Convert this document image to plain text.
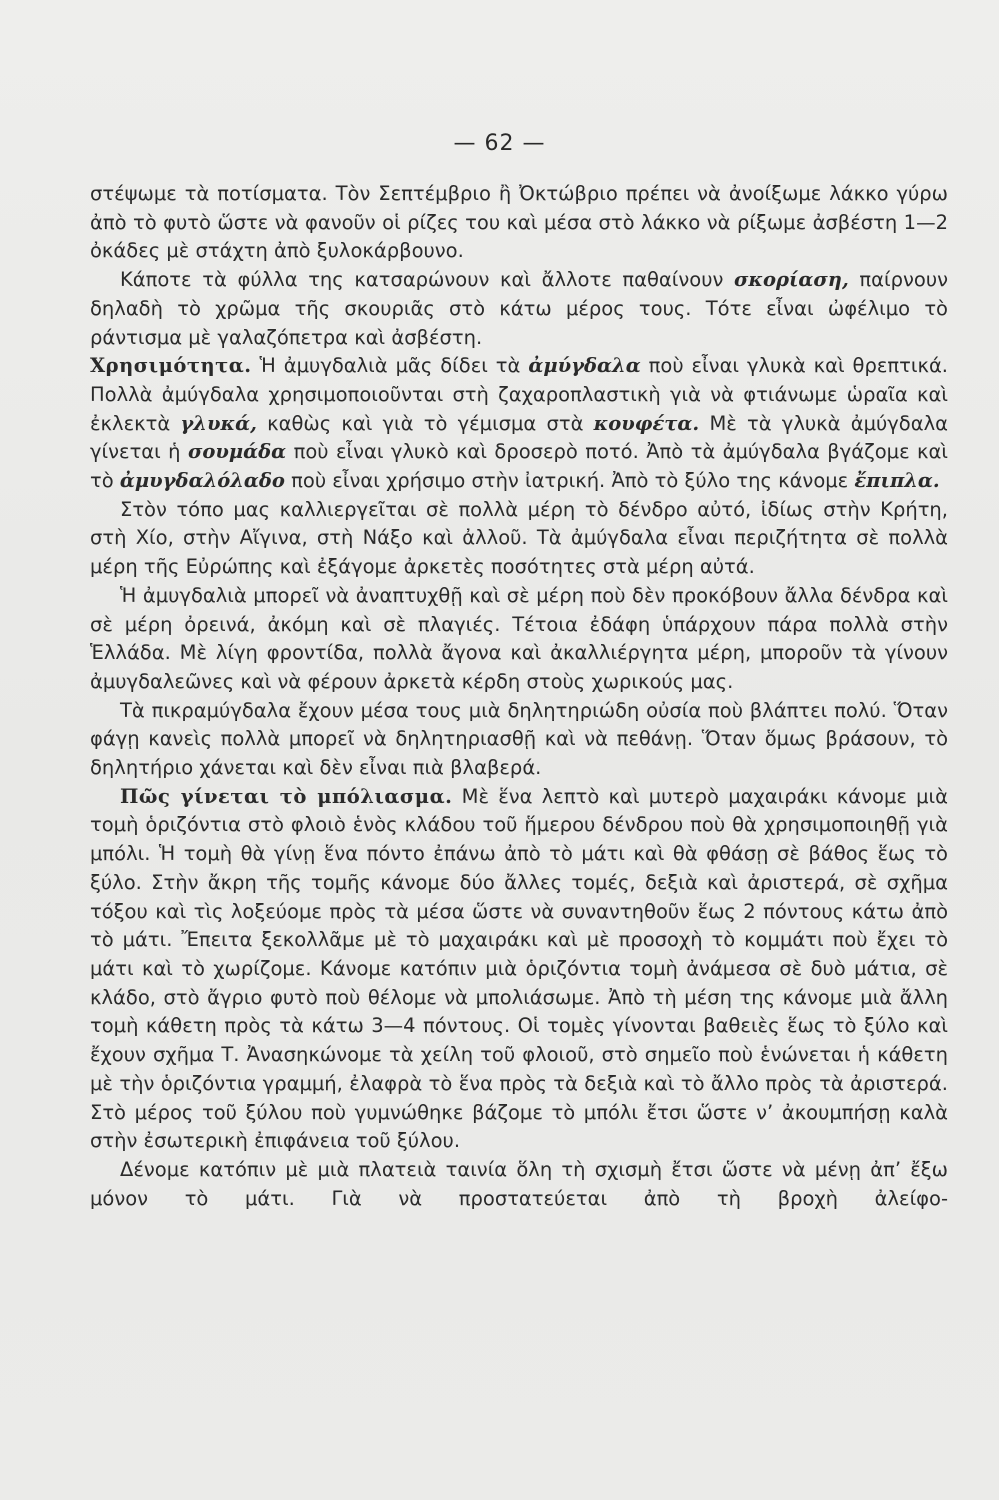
— 62 —

στέψωμε τὰ ποτίσματα. Τὸν Σεπτέμβριο ἢ Ὀκτώβριο πρέπει νὰ ἀνοίξωμε λάκκο γύρω ἀπὸ τὸ φυτὸ ὥστε νὰ φανοῦν οἱ ρίζες του καὶ μέσα στὸ λάκκο νὰ ρίξωμε ἀσβέστη 1—2 ὀκάδες μὲ στάχτη ἀπὸ ξυλοκάρβουνο.

Κάποτε τὰ φύλλα της κατσαρώνουν καὶ ἄλλοτε παθαίνουν σκορίαση, παίρνουν δηλαδὴ τὸ χρῶμα τῆς σκουριᾶς στὸ κάτω μέρος τους. Τότε εἶναι ὠφέλιμο τὸ ράντισμα μὲ γαλαζόπετρα καὶ ἀσβέστη.

Χρησιμότητα. Ἡ ἀμυγδαλιὰ μᾶς δίδει τὰ ἀμύγδαλα ποὺ εἶναι γλυκὰ καὶ θρεπτικά. Πολλὰ ἀμύγδαλα χρησιμοποιοῦνται στὴ ζαχαροπλαστικὴ γιὰ νὰ φτιάνωμε ὡραῖα καὶ ἐκλεκτὰ γλυκά, καθὼς καὶ γιὰ τὸ γέμισμα στὰ κουφέτα. Μὲ τὰ γλυκὰ ἀμύγδαλα γίνεται ἡ σουμάδα ποὺ εἶναι γλυκὸ καὶ δροσερὸ ποτό. Ἀπὸ τὰ ἀμύγδαλα βγάζομε καὶ τὸ ἀμυγδαλόλαδο ποὺ εἶναι χρήσιμο στὴν ἰατρική. Ἀπὸ τὸ ξύλο της κάνομε ἔπιπλα.

Στὸν τόπο μας καλλιεργεῖται σὲ πολλὰ μέρη τὸ δένδρο αὐτό, ἰδίως στὴν Κρήτη, στὴ Χίο, στὴν Αἴγινα, στὴ Νάξο καὶ ἀλλοῦ. Τὰ ἀμύγδαλα εἶναι περιζήτητα σὲ πολλὰ μέρη τῆς Εὐρώπης καὶ ἐξάγομε ἀρκετὲς ποσότητες στὰ μέρη αὐτά.

Ἡ ἀμυγδαλιὰ μπορεῖ νὰ ἀναπτυχθῇ καὶ σὲ μέρη ποὺ δὲν προκόβουν ἄλλα δένδρα καὶ σὲ μέρη ὀρεινά, ἀκόμη καὶ σὲ πλαγιές. Τέτοια ἐδάφη ὑπάρχουν πάρα πολλὰ στὴν Ἑλλάδα. Μὲ λίγη φροντίδα, πολλὰ ἄγονα καὶ ἀκαλλιέργητα μέρη, μποροῦν τὰ γίνουν ἀμυγδαλεῶνες καὶ νὰ φέρουν ἀρκετὰ κέρδη στοὺς χωρικούς μας.

Τὰ πικραμύγδαλα ἔχουν μέσα τους μιὰ δηλητηριώδη οὐσία ποὺ βλάπτει πολύ. Ὅταν φάγῃ κανεὶς πολλὰ μπορεῖ νὰ δηλητηριασθῇ καὶ νὰ πεθάνῃ. Ὅταν ὅμως βράσουν, τὸ δηλητήριο χάνεται καὶ δὲν εἶναι πιὰ βλαβερά.

Πῶς γίνεται τὸ μπόλιασμα. Μὲ ἕνα λεπτὸ καὶ μυτερὸ μαχαιράκι κάνομε μιὰ τομὴ ὁριζόντια στὸ φλοιὸ ἑνὸς κλάδου τοῦ ἥμερου δένδρου ποὺ θὰ χρησιμοποιηθῇ γιὰ μπόλι. Ἡ τομὴ θὰ γίνῃ ἕνα πόντο ἐπάνω ἀπὸ τὸ μάτι καὶ θὰ φθάσῃ σὲ βάθος ἕως τὸ ξύλο. Στὴν ἄκρη τῆς τομῆς κάνομε δύο ἄλλες τομές, δεξιὰ καὶ ἀριστερά, σὲ σχῆμα τόξου καὶ τὶς λοξεύομε πρὸς τὰ μέσα ὥστε νὰ συναντηθοῦν ἕως 2 πόντους κάτω ἀπὸ τὸ μάτι. Ἔπειτα ξεκολλᾶμε μὲ τὸ μαχαιράκι καὶ μὲ προσοχὴ τὸ κομμάτι ποὺ ἔχει τὸ μάτι καὶ τὸ χωρίζομε. Κάνομε κατόπιν μιὰ ὁριζόντια τομὴ ἀνάμεσα σὲ δυὸ μάτια, σὲ κλάδο, στὸ ἄγριο φυτὸ ποὺ θέλομε νὰ μπολιάσωμε. Ἀπὸ τὴ μέση της κάνομε μιὰ ἄλλη τομὴ κάθετη πρὸς τὰ κάτω 3—4 πόντους. Οἱ τομὲς γίνονται βαθειὲς ἕως τὸ ξύλο καὶ ἔχουν σχῆμα Τ. Ἀνασηκώνομε τὰ χείλη τοῦ φλοιοῦ, στὸ σημεῖο ποὺ ἑνώνεται ἡ κάθετη μὲ τὴν ὁριζόντια γραμμή, ἐλαφρὰ τὸ ἕνα πρὸς τὰ δεξιὰ καὶ τὸ ἄλλο πρὸς τὰ ἀριστερά. Στὸ μέρος τοῦ ξύλου ποὺ γυμνώθηκε βάζομε τὸ μπόλι ἔτσι ὥστε ν’ ἀκουμπήσῃ καλὰ στὴν ἐσωτερικὴ ἐπιφάνεια τοῦ ξύλου.

Δένομε κατόπιν μὲ μιὰ πλατειὰ ταινία ὅλη τὴ σχισμὴ ἔτσι ὥστε νὰ μένῃ ἀπ’ ἔξω μόνον τὸ μάτι. Γιὰ νὰ προστατεύεται ἀπὸ τὴ βροχὴ ἀλείφο-
